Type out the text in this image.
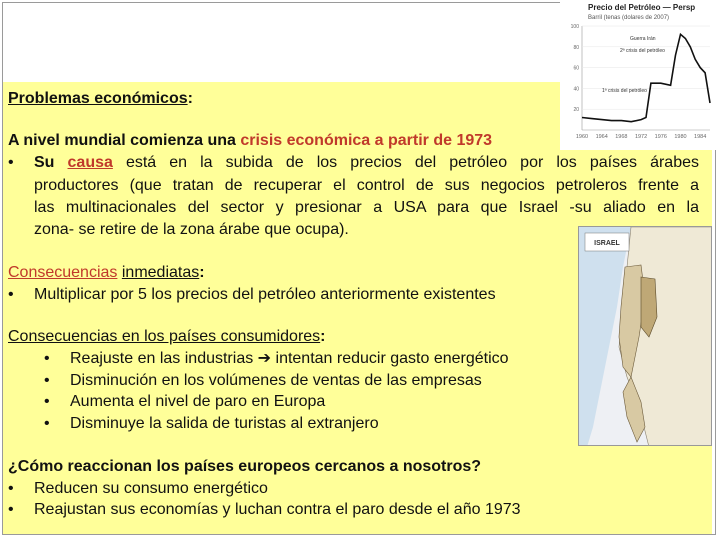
Precio del Petróleo — Persp
Barril (tenas (dolares de 2007)
100
80
60
40
20
1960 1964 1968 1972 1976 1980 1984
Guerra Irán
2ª crisis del petróleo
1ª crisis del petróleo
ISRAEL
Problemas económicos:
A nivel mundial comienza una crisis económica a partir de 1973
• Su causa está en la subida de los precios del petróleo por los países árabes
productores (que tratan de recuperar el control de sus negocios petroleros frente a
las multinacionales del sector y presionar a USA para que Israel -su aliado en la
zona- se retire de la zona árabe que ocupa).
Consecuencias inmediatas:
• Multiplicar por 5 los precios del petróleo anteriormente existentes
Consecuencias en los países consumidores:
• Reajuste en las industrias ➔ intentan reducir gasto energético
• Disminución en los volúmenes de ventas de las empresas
• Aumenta el nivel de paro en Europa
• Disminuye la salida de turistas al extranjero
¿Cómo reaccionan los países europeos cercanos a nosotros?
• Reducen su consumo energético
• Reajustan sus economías y luchan contra el paro desde el año 1973
